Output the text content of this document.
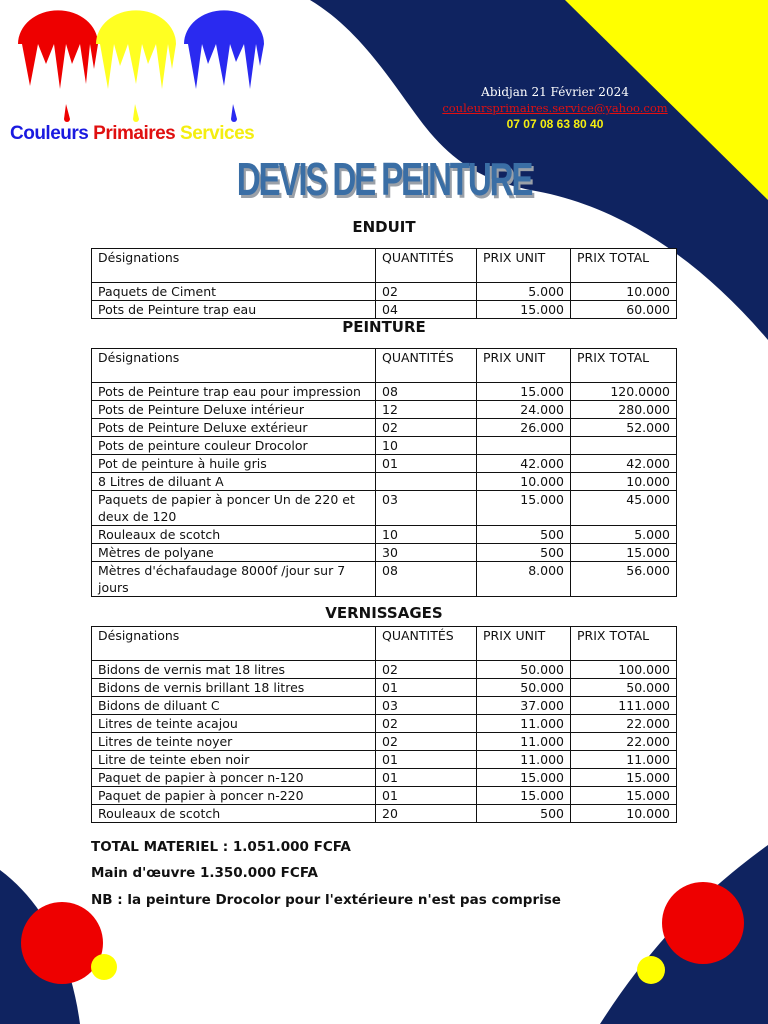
Couleurs Primaires Services
Abidjan 21 Février 2024
couleursprimaires.service@yahoo.com
07 07 08 63 80 40
DEVIS DE PEINTURE
ENDUIT
Désignations	QUANTITÉS	PRIX UNIT	PRIX TOTAL
Paquets de Ciment	02	5.000	10.000
Pots de Peinture trap eau	04	15.000	60.000
PEINTURE
Désignations	QUANTITÉS	PRIX UNIT	PRIX TOTAL
Pots de Peinture trap eau pour impression	08	15.000	120.0000
Pots de Peinture Deluxe intérieur	12	24.000	280.000
Pots de Peinture Deluxe extérieur	02	26.000	52.000
Pots de peinture couleur Drocolor	10		
Pot de peinture à huile gris	01	42.000	42.000
8 Litres de diluant A		10.000	10.000
Paquets de papier à poncer Un de 220 et deux de 120	03	15.000	45.000
Rouleaux de scotch	10	500	5.000
Mètres de polyane	30	500	15.000
Mètres d'échafaudage 8000f /jour sur 7 jours	08	8.000	56.000
VERNISSAGES
Désignations	QUANTITÉS	PRIX UNIT	PRIX TOTAL
Bidons de vernis mat 18 litres	02	50.000	100.000
Bidons de vernis brillant 18 litres	01	50.000	50.000
Bidons de diluant C	03	37.000	111.000
Litres de teinte acajou	02	11.000	22.000
Litres de teinte noyer	02	11.000	22.000
Litre de teinte eben noir	01	11.000	11.000
Paquet de papier à poncer n-120	01	15.000	15.000
Paquet de papier à poncer n-220	01	15.000	15.000
Rouleaux de scotch	20	500	10.000
TOTAL MATERIEL : 1.051.000 FCFA
Main d'œuvre 1.350.000 FCFA
NB : la peinture Drocolor pour l'extérieure n'est pas comprise
